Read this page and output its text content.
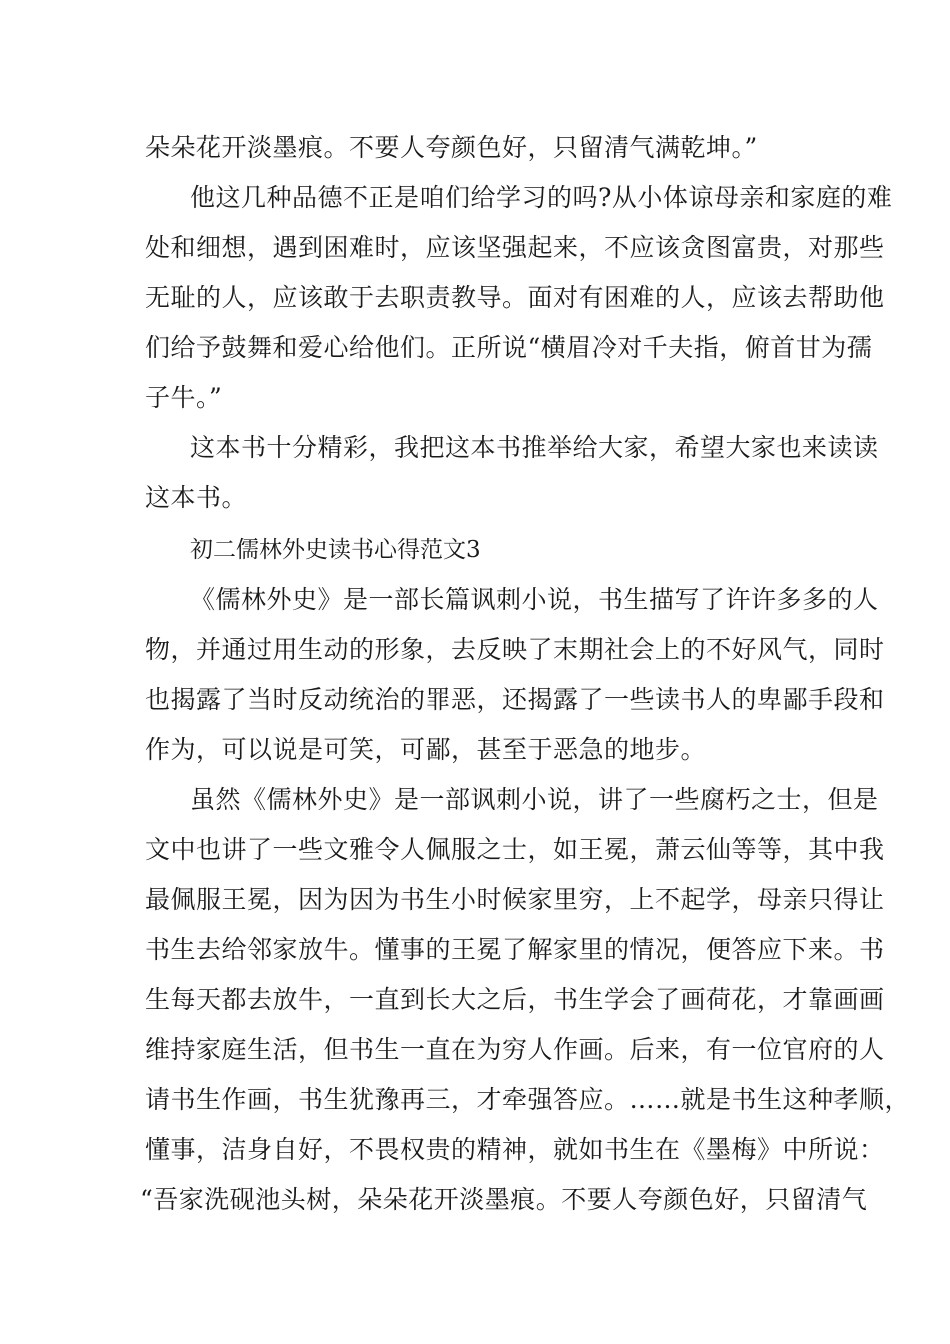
朵朵花开淡墨痕。不要人夸颜色好，只留清气满乾坤。”
他这几种品德不正是咱们给学习的吗?从小体谅母亲和家庭的难
处和细想，遇到困难时，应该坚强起来，不应该贪图富贵，对那些
无耻的人，应该敢于去职责教导。面对有困难的人，应该去帮助他
们给予鼓舞和爱心给他们。正所说“横眉冷对千夫指，俯首甘为孺
子牛。”
这本书十分精彩，我把这本书推举给大家，希望大家也来读读
这本书。
初二儒林外史读书心得范文3
《儒林外史》是一部长篇讽刺小说，书生描写了许许多多的人
物，并通过用生动的形象，去反映了末期社会上的不好风气，同时
也揭露了当时反动统治的罪恶，还揭露了一些读书人的卑鄙手段和
作为，可以说是可笑，可鄙，甚至于恶急的地步。
虽然《儒林外史》是一部讽刺小说，讲了一些腐朽之士，但是
文中也讲了一些文雅令人佩服之士，如王冕，萧云仙等等，其中我
最佩服王冕，因为因为书生小时候家里穷，上不起学，母亲只得让
书生去给邻家放牛。懂事的王冕了解家里的情况，便答应下来。书
生每天都去放牛，一直到长大之后，书生学会了画荷花，才靠画画
维持家庭生活，但书生一直在为穷人作画。后来，有一位官府的人
请书生作画，书生犹豫再三，才牵强答应。……就是书生这种孝顺，
懂事，洁身自好，不畏权贵的精神，就如书生在《墨梅》中所说：
“吾家洗砚池头树，朵朵花开淡墨痕。不要人夸颜色好，只留清气
